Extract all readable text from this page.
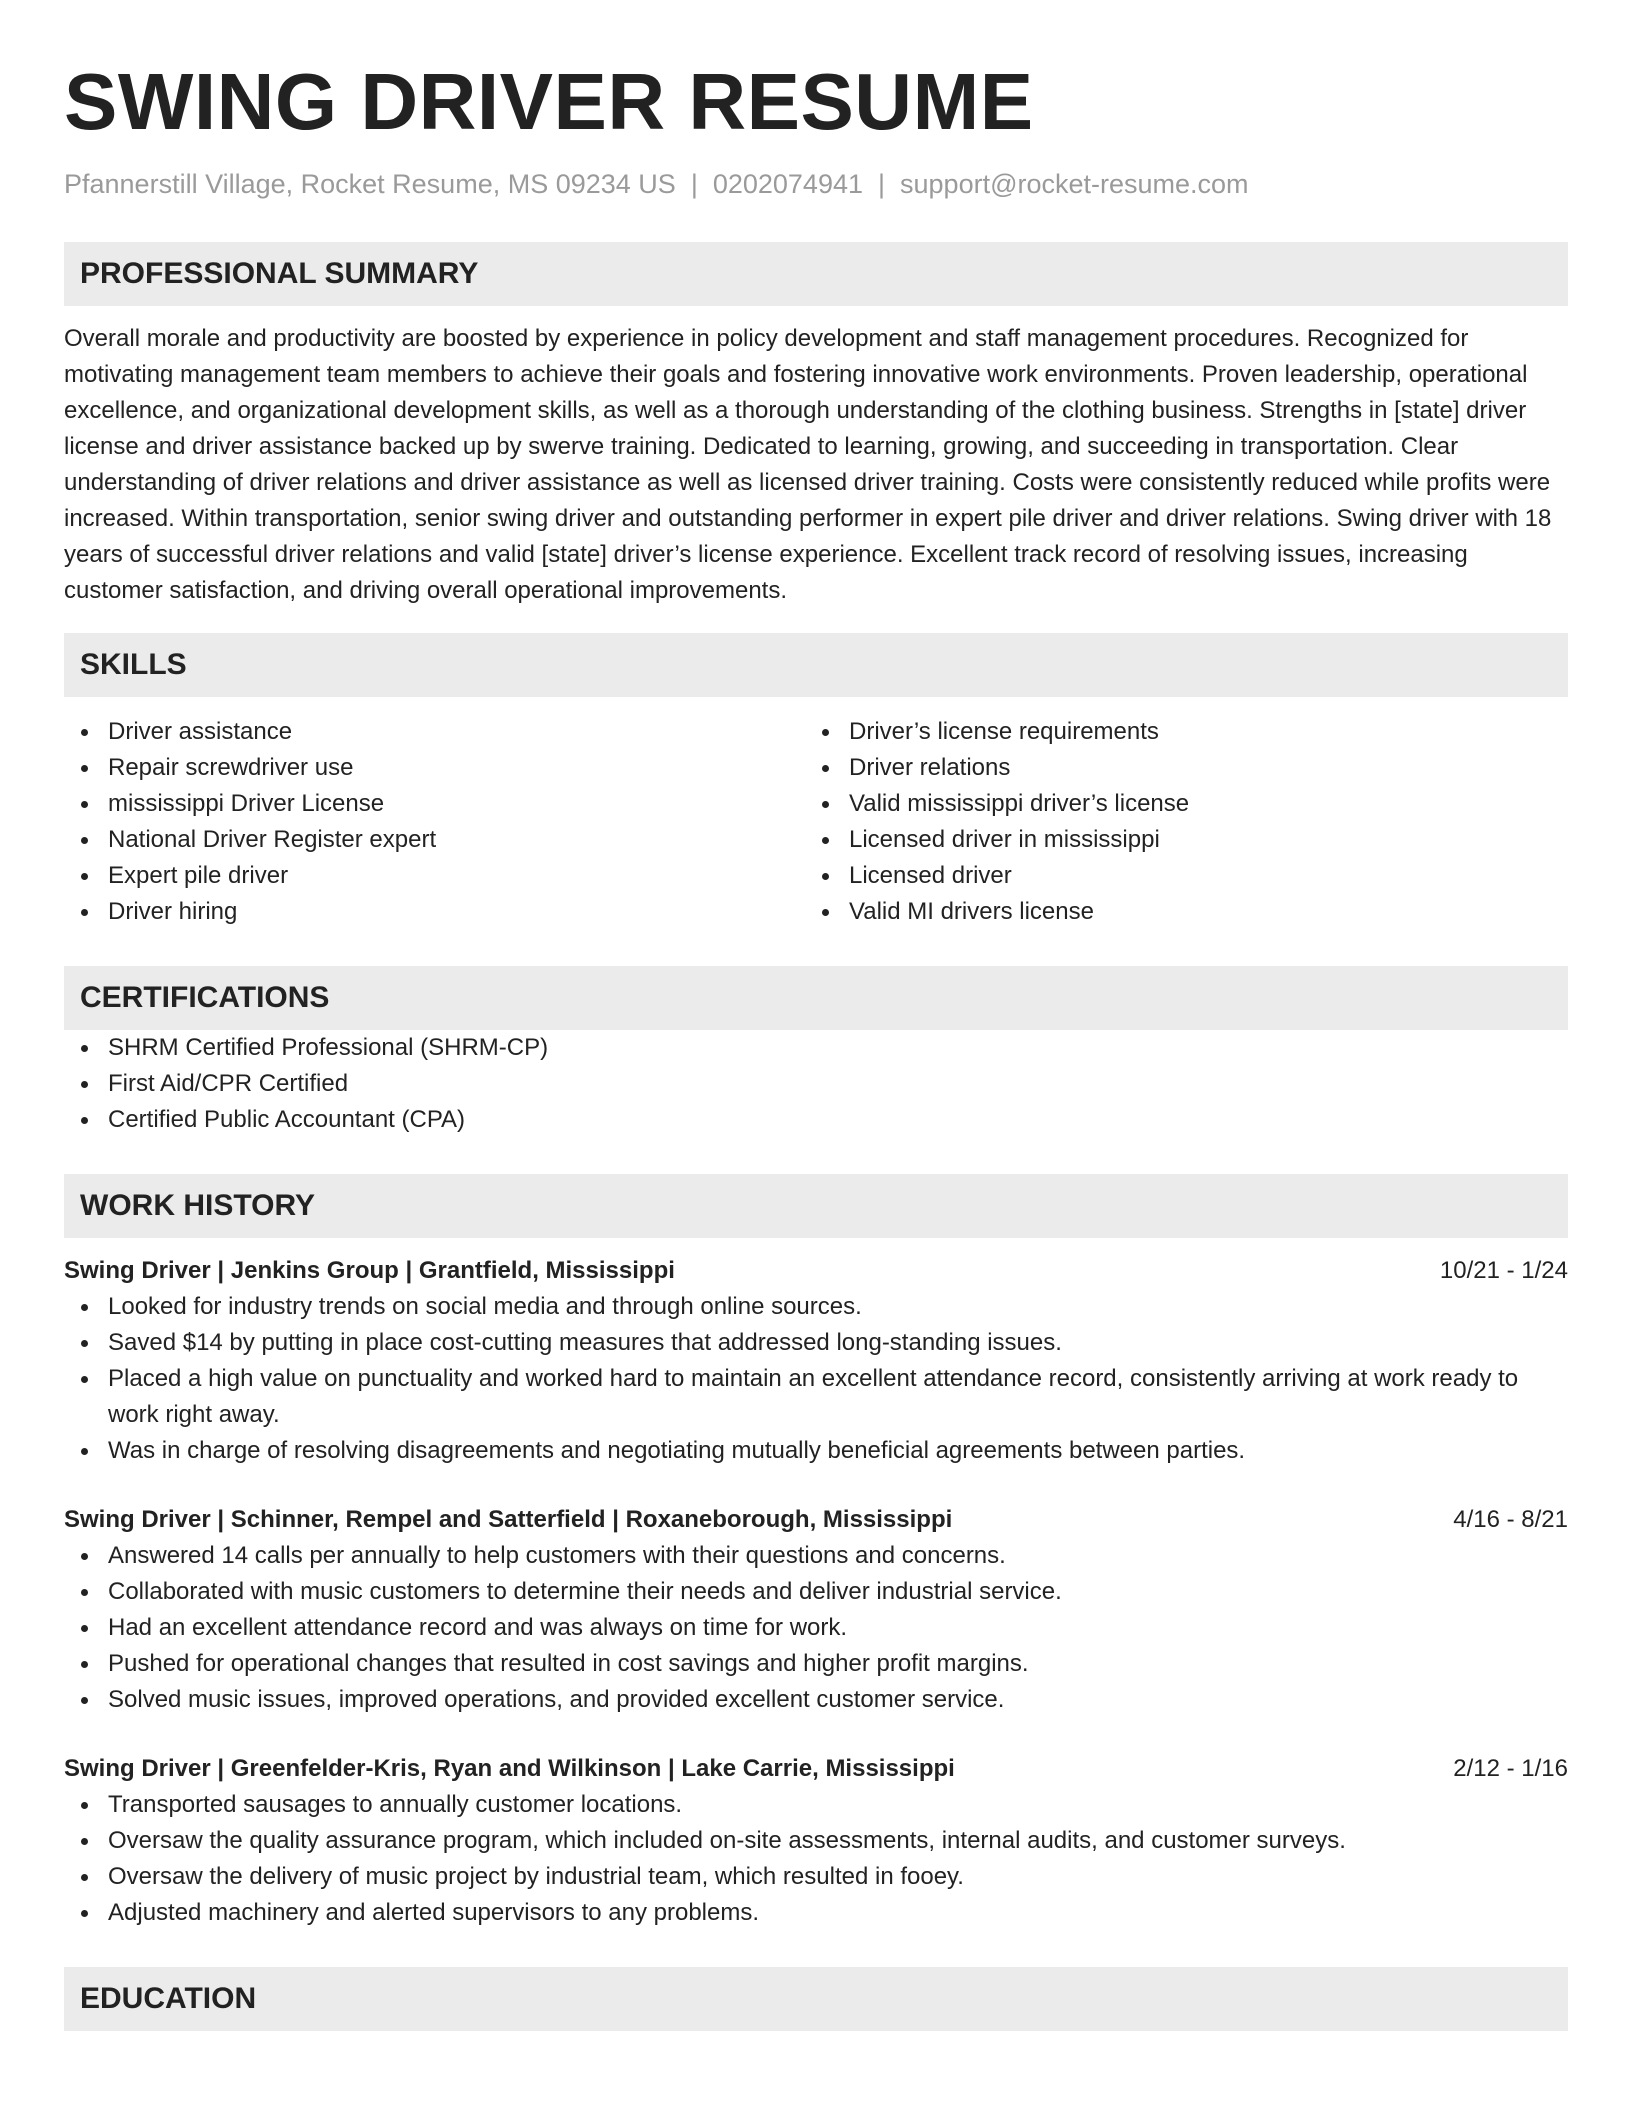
SWING DRIVER RESUME
Pfannerstill Village, Rocket Resume, MS 09234 US | 0202074941 | support@rocket-resume.com
PROFESSIONAL SUMMARY

Overall morale and productivity are boosted by experience in policy development and staff management procedures. Recognized for motivating management team members to achieve their goals and fostering innovative work environments. Proven leadership, operational excellence, and organizational development skills, as well as a thorough understanding of the clothing business. Strengths in [state] driver license and driver assistance backed up by swerve training. Dedicated to learning, growing, and succeeding in transportation. Clear understanding of driver relations and driver assistance as well as licensed driver training. Costs were consistently reduced while profits were increased. Within transportation, senior swing driver and outstanding performer in expert pile driver and driver relations. Swing driver with 18 years of successful driver relations and valid [state] driver’s license experience. Excellent track record of resolving issues, increasing customer satisfaction, and driving overall operational improvements.

SKILLS
Driver assistance
Repair screwdriver use
mississippi Driver License
National Driver Register expert
Expert pile driver
Driver hiring
Driver’s license requirements
Driver relations
Valid mississippi driver’s license
Licensed driver in mississippi
Licensed driver
Valid MI drivers license
CERTIFICATIONS
SHRM Certified Professional (SHRM-CP)
First Aid/CPR Certified
Certified Public Accountant (CPA)
WORK HISTORY
Swing Driver | Jenkins Group | Grantfield, Mississippi	10/21 - 1/24
Looked for industry trends on social media and through online sources.
Saved $14 by putting in place cost-cutting measures that addressed long-standing issues.
Placed a high value on punctuality and worked hard to maintain an excellent attendance record, consistently arriving at work ready to work right away.
Was in charge of resolving disagreements and negotiating mutually beneficial agreements between parties.
Swing Driver | Schinner, Rempel and Satterfield | Roxaneborough, Mississippi	4/16 - 8/21
Answered 14 calls per annually to help customers with their questions and concerns.
Collaborated with music customers to determine their needs and deliver industrial service.
Had an excellent attendance record and was always on time for work.
Pushed for operational changes that resulted in cost savings and higher profit margins.
Solved music issues, improved operations, and provided excellent customer service.
Swing Driver | Greenfelder-Kris, Ryan and Wilkinson | Lake Carrie, Mississippi	2/12 - 1/16
Transported sausages to annually customer locations.
Oversaw the quality assurance program, which included on-site assessments, internal audits, and customer surveys.
Oversaw the delivery of music project by industrial team, which resulted in fooey.
Adjusted machinery and alerted supervisors to any problems.
EDUCATION
